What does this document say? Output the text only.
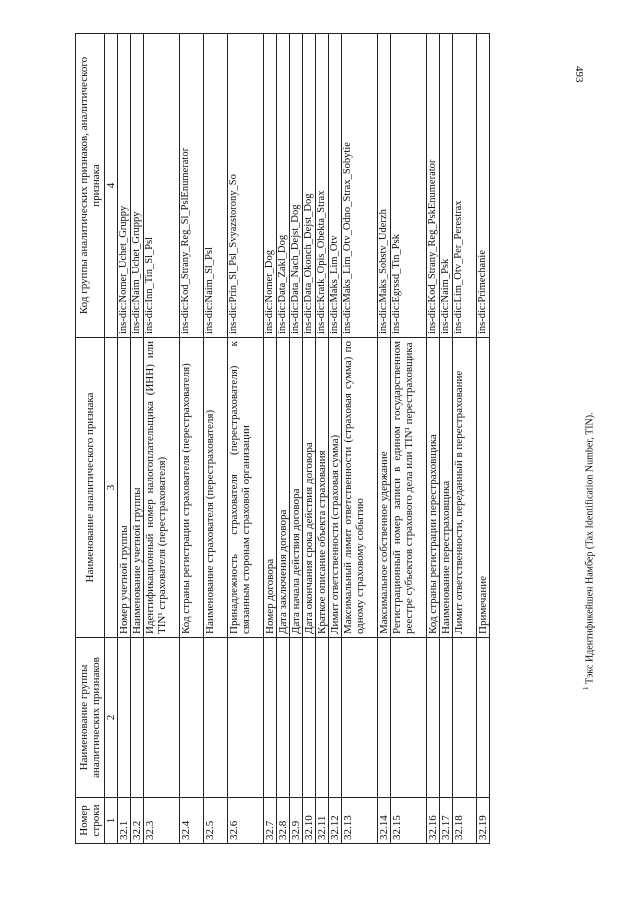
493
Номер строки	Наименование группы аналитических признаков	Наименование аналитического признака	Код группы аналитических признаков, аналитического признака
1	2	3	4
32.1		Номер учетной группы	ins-dic:Nomer_Uchet_Gruppy
32.2		Наименование учетной группы	ins-dic:Naim_Uchet_Gruppy
32.3		Идентификационный номер налогоплательщика (ИНН) или TIN¹ страхователя (перестрахователя)	ins-dic:Inn_Tin_Sl_Psl
32.4		Код страны регистрации страхователя (перестрахователя)	ins-dic:Kod_Strany_Reg_Sl_PslEnumerator
32.5		Наименование страхователя (перестрахователя)	ins-dic:Naim_Sl_Psl
32.6		Принадлежность страхователя (перестрахователя) к связанным сторонам страховой организации	ins-dic:Prin_Sl_Psl_Svyazstorony_So
32.7		Номер договора	ins-dic:Nomer_Dog
32.8		Дата заключения договора	ins-dic:Data_Zakl_Dog
32.9		Дата начала действия договора	ins-dic:Data_Nach_Dejst_Dog
32.10		Дата окончания срока действия договора	ins-dic:Data_Okonch_Dejst_Dog
32.11		Краткое описание объекта страхования	ins-dic:Kratk_Opis_Obekta_Strax
32.12		Лимит ответственности (страховая сумма)	ins-dic:Maks_Lim_Otv
32.13		Максимальный лимит ответственности (страховая сумма) по одному страховому событию	ins-dic:Maks_Lim_Otv_Odno_Strax_Sobytie
32.14		Максимальное собственное удержание	ins-dic:Maks_Sobstv_Uderzh
32.15		Регистрационный номер записи в едином государственном реестре субъектов страхового дела или TIN¹ перестраховщика	ins-dic:Egrssd_Tin_Psk
32.16		Код страны регистрации перестраховщика	ins-dic:Kod_Strany_Reg_PskEnumerator
32.17		Наименование перестраховщика	ins-dic:Naim_Psk
32.18		Лимит ответственности, переданный в перестрахование	ins-dic:Lim_Otv_Per_Perestrax
32.19		Примечание	ins-dic:Primechanie
$^1$ Тэкс Идентификейшен Намбер (Tax Identification Number, TIN).
